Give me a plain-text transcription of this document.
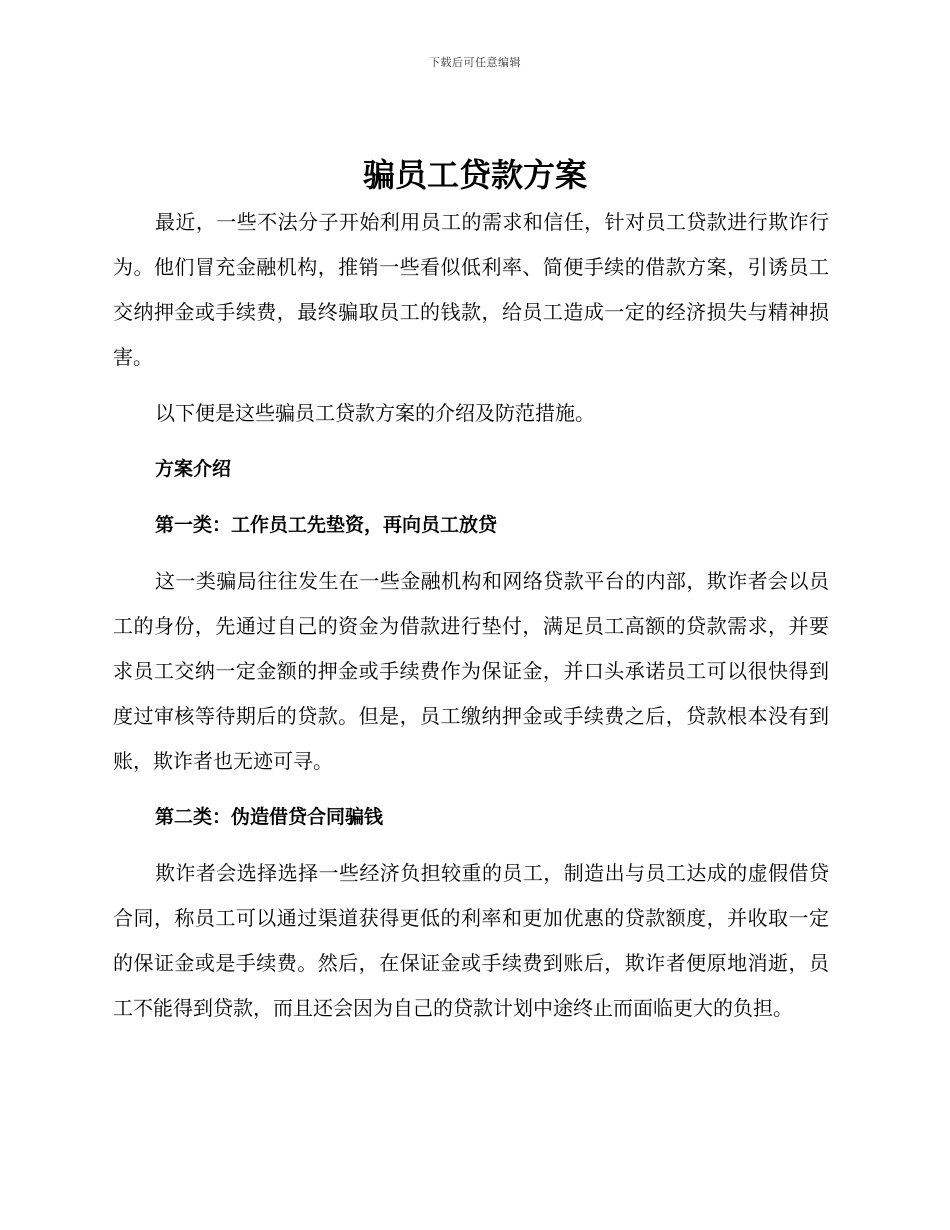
下载后可任意编辑
骗员工贷款方案

最近，一些不法分子开始利用员工的需求和信任，针对员工贷款进行欺诈行为。他们冒充金融机构，推销一些看似低利率、简便手续的借款方案，引诱员工交纳押金或手续费，最终骗取员工的钱款，给员工造成一定的经济损失与精神损害。

以下便是这些骗员工贷款方案的介绍及防范措施。

方案介绍

第一类：工作员工先垫资，再向员工放贷

这一类骗局往往发生在一些金融机构和网络贷款平台的内部，欺诈者会以员工的身份，先通过自己的资金为借款进行垫付，满足员工高额的贷款需求，并要求员工交纳一定金额的押金或手续费作为保证金，并口头承诺员工可以很快得到度过审核等待期后的贷款。但是，员工缴纳押金或手续费之后，贷款根本没有到账，欺诈者也无迹可寻。

第二类：伪造借贷合同骗钱

欺诈者会选择选择一些经济负担较重的员工，制造出与员工达成的虚假借贷合同，称员工可以通过渠道获得更低的利率和更加优惠的贷款额度，并收取一定的保证金或是手续费。然后，在保证金或手续费到账后，欺诈者便原地消逝，员工不能得到贷款，而且还会因为自己的贷款计划中途终止而面临更大的负担。
